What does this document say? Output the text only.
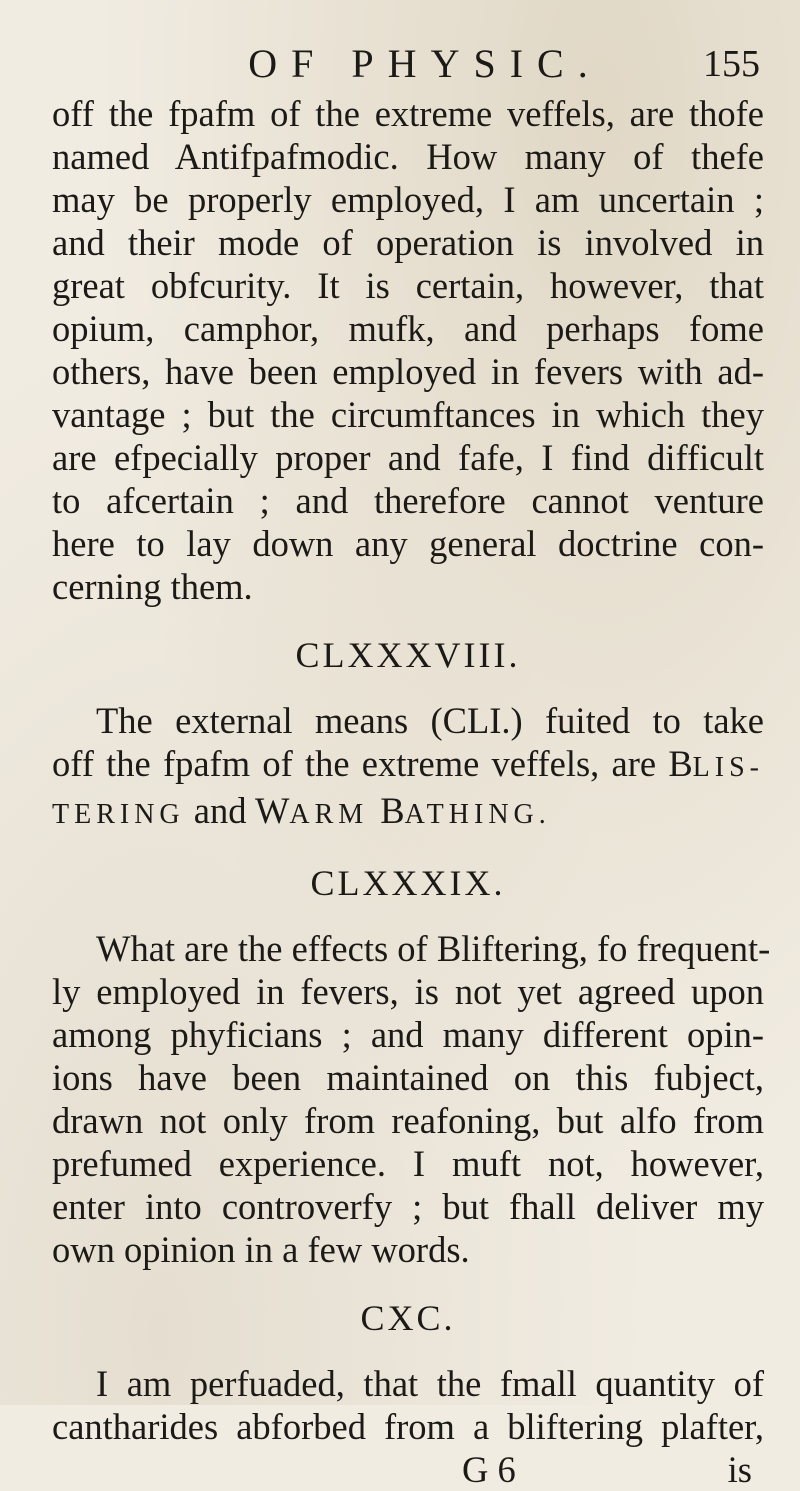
OF PHYSIC.	155
off the fpafm of the extreme veffels, are thofe
named Antifpafmodic. How many of thefe
may be properly employed, I am uncertain ;
and their mode of operation is involved in
great obfcurity. It is certain, however, that
opium, camphor, mufk, and perhaps fome
others, have been employed in fevers with ad-
vantage ; but the circumftances in which they
are efpecially proper and fafe, I find difficult
to afcertain ; and therefore cannot venture
here to lay down any general doctrine con-
cerning them.
CLXXXVIII.
The external means (CLI.) fuited to take
off the fpafm of the extreme veffels, are BLIS-
TERING and WARM BATHING.
CLXXXIX.
What are the effects of Bliftering, fo frequent-
ly employed in fevers, is not yet agreed upon
among phyficians ; and many different opin-
ions have been maintained on this fubject,
drawn not only from reafoning, but alfo from
prefumed experience. I muft not, however,
enter into controverfy ; but fhall deliver my
own opinion in a few words.
CXC.
I am perfuaded, that the fmall quantity of
cantharides abforbed from a bliftering plafter,
G 6	is
